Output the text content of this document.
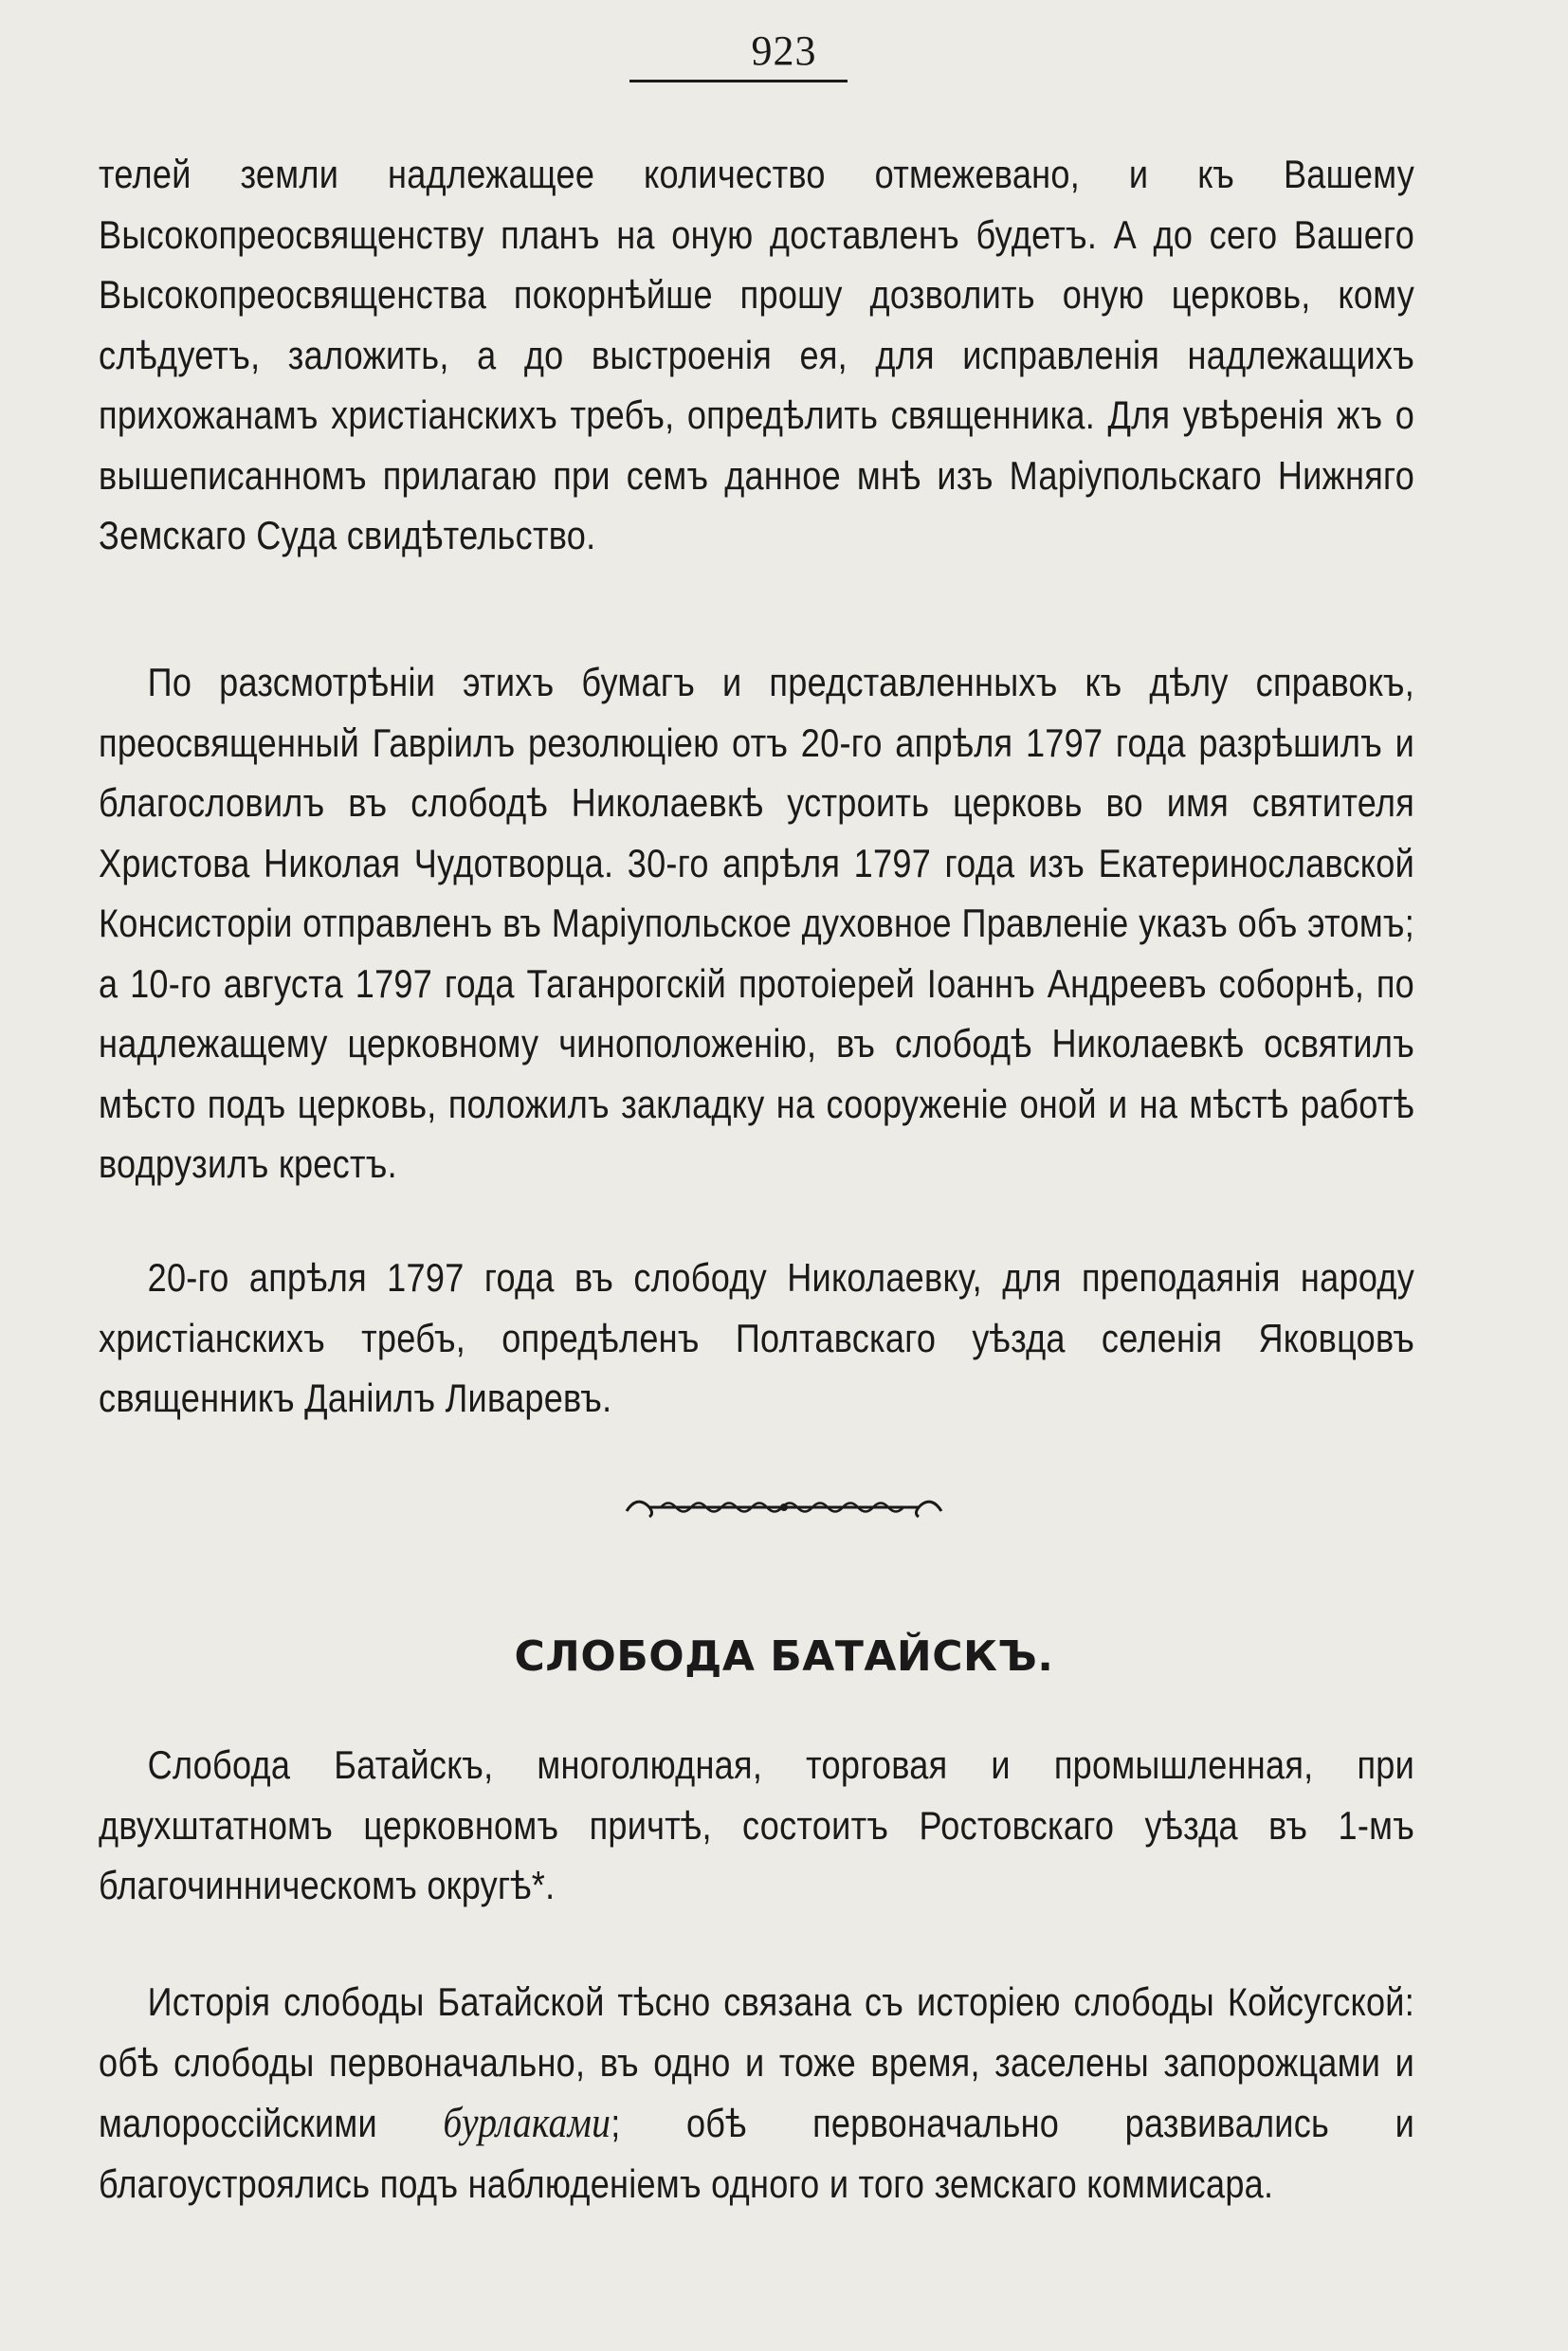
923

телей земли надлежащее количество отмежевано, и къ Вашему Высокопреосвященству планъ на оную доставленъ будетъ. А до сего Вашего Высокопреосвященства покорнѣйше прошу дозволить оную церковь, кому слѣдуетъ, заложить, а до выстроенія ея, для исправленія надлежащихъ прихожанамъ христіанскихъ требъ, опредѣлить священника. Для увѣренія жъ о вышеписанномъ прилагаю при семъ данное мнѣ изъ Маріупольскаго Нижняго Земскаго Суда свидѣтельство.

По разсмотрѣніи этихъ бумагъ и представленныхъ къ дѣлу справокъ, преосвященный Гавріилъ резолюціею отъ 20-го апрѣля 1797 года разрѣшилъ и благословилъ въ слободѣ Николаевкѣ устроить церковь во имя святителя Христова Николая Чудотворца. 30-го апрѣля 1797 года изъ Екатеринославской Консисторіи отправленъ въ Маріупольское духовное Правленіе указъ объ этомъ; а 10-го августа 1797 года Таганрогскій протоіерей Іоаннъ Андреевъ соборнѣ, по надлежащему церковному чиноположенію, въ слободѣ Николаевкѣ освятилъ мѣсто подъ церковь, положилъ закладку на сооруженіе оной и на мѣстѣ работѣ водрузилъ крестъ.

20-го апрѣля 1797 года въ слободу Николаевку, для преподаянія народу христіанскихъ требъ, опредѣленъ Полтавскаго уѣзда селенія Яковцовъ священникъ Даніилъ Ливаревъ.

СЛОБОДА БАТАЙСКЪ.

Слобода Батайскъ, многолюдная, торговая и промышленная, при двухштатномъ церковномъ причтѣ, состоитъ Ростовскаго уѣзда въ 1-мъ благочинническомъ округѣ*.

Исторія слободы Батайской тѣсно связана съ исторіею слободы Койсугской: обѣ слободы первоначально, въ одно и тоже время, заселены запорожцами и малороссійскими бурлаками; обѣ первоначально развивались и благоустроялись подъ наблюденіемъ одного и того земскаго коммисара.
